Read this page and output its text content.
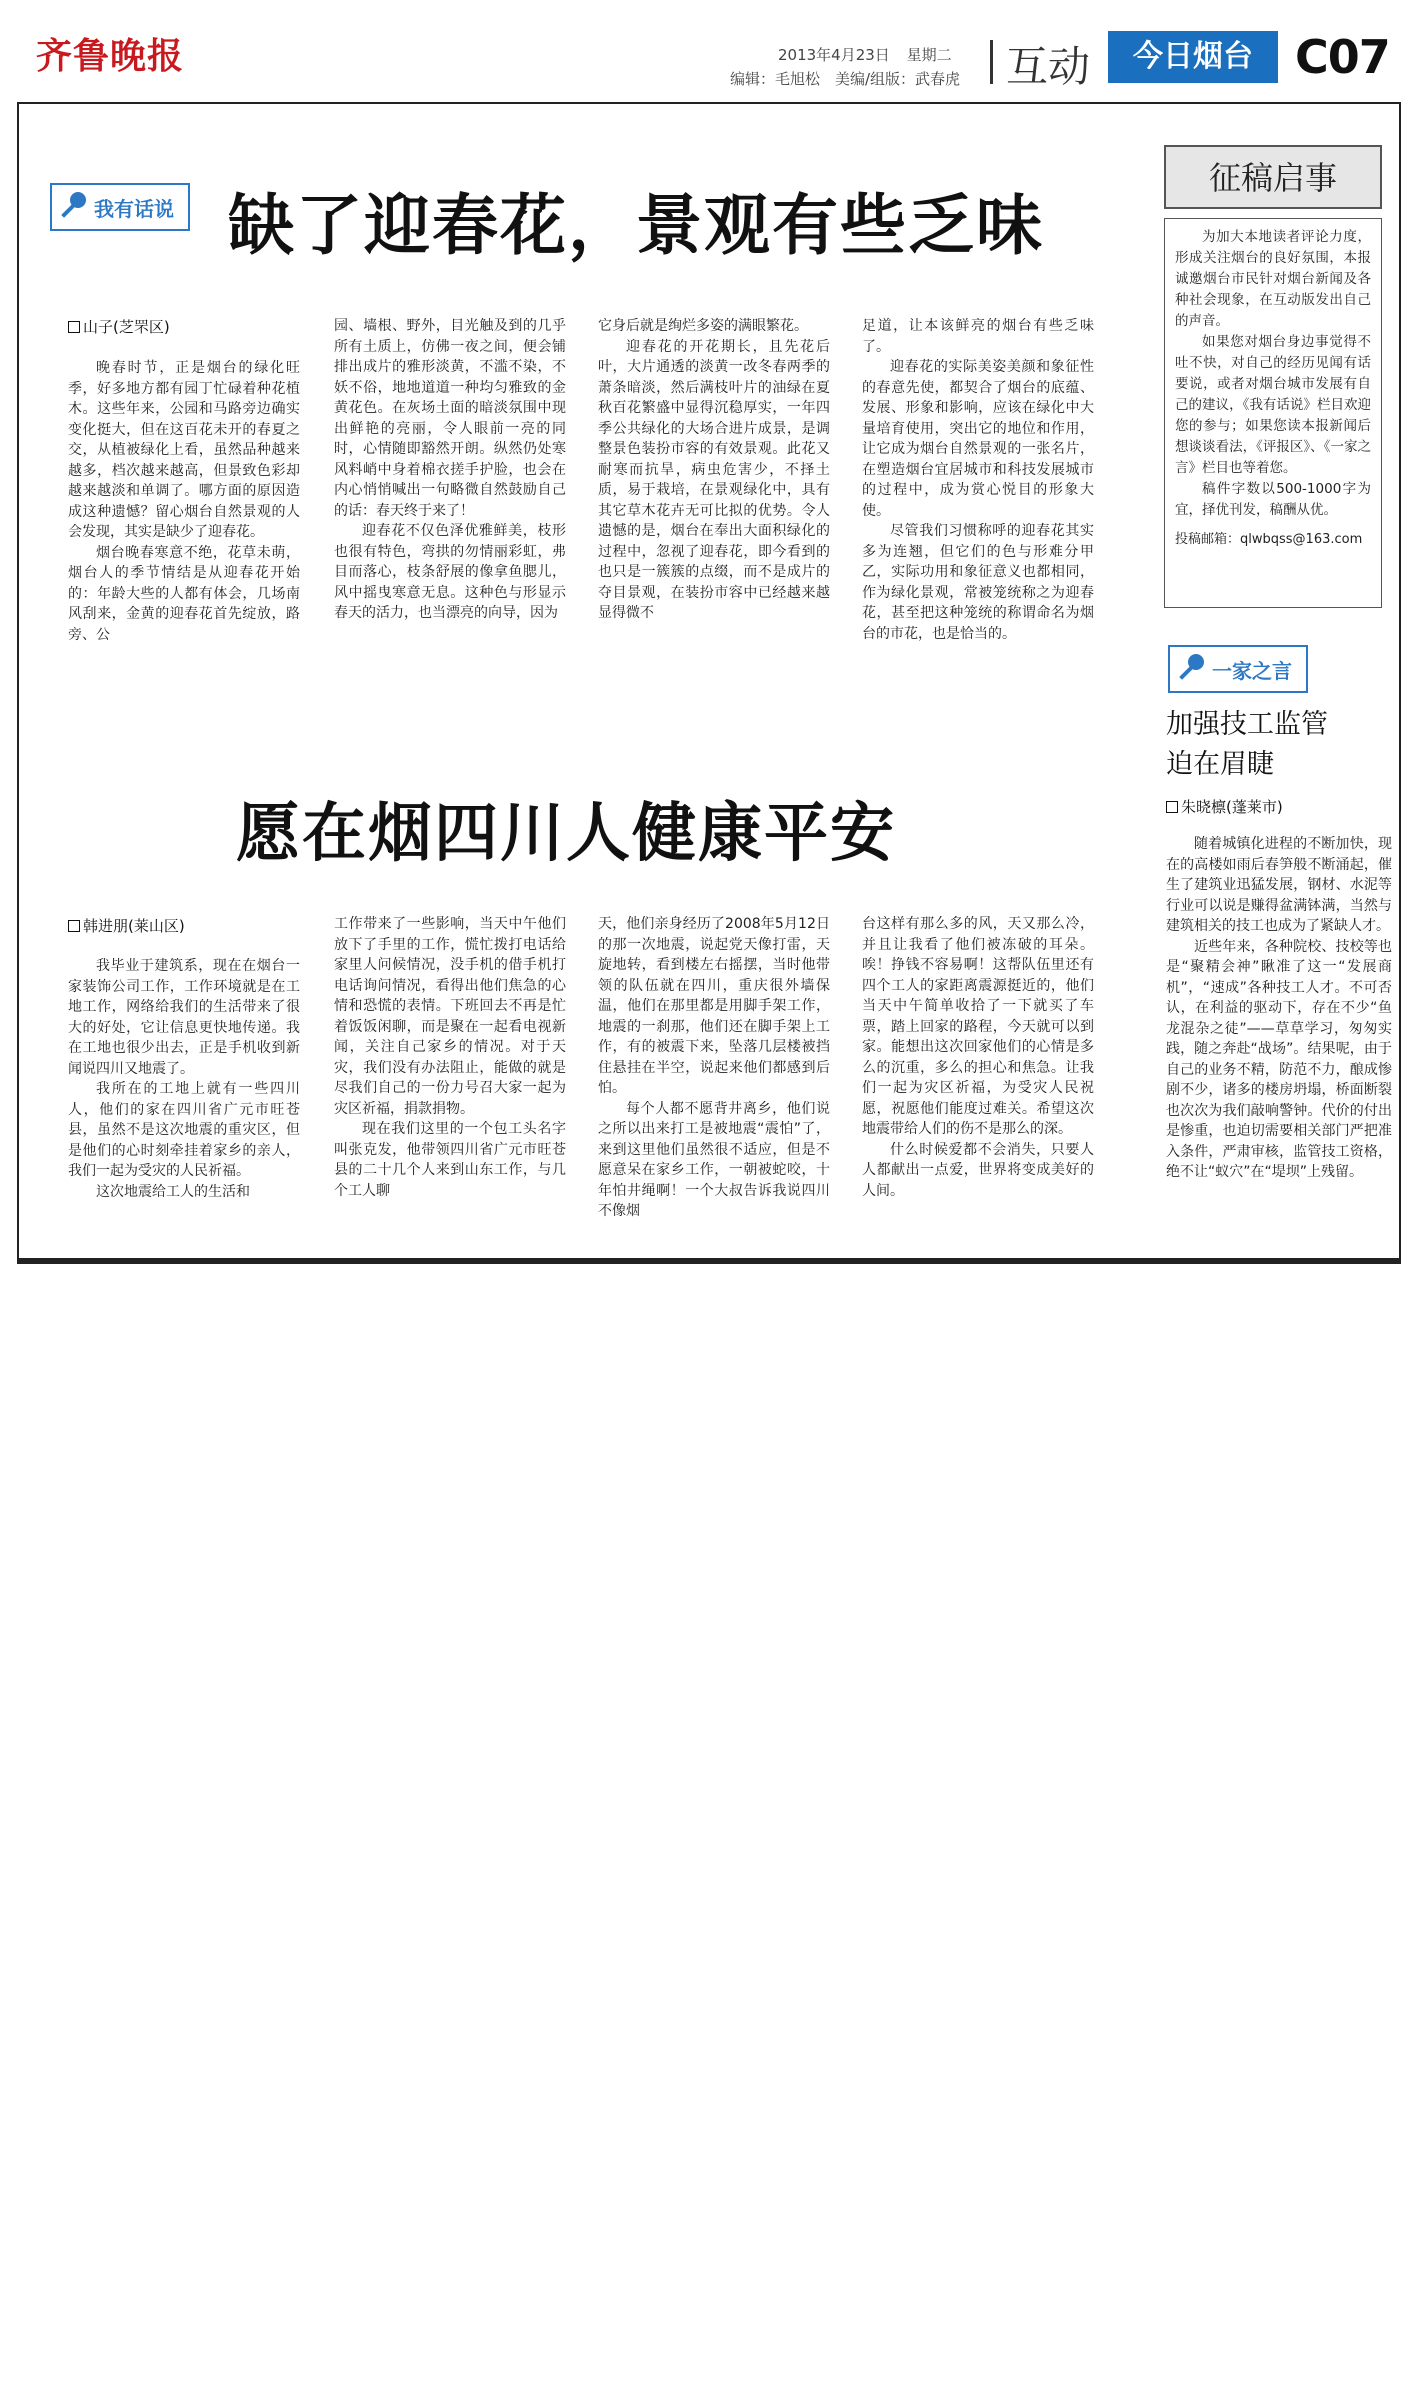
齐鲁晚报	2013年4月23日 星期二
编辑：毛旭松　美编/组版：武春虎 互动	今日烟台 C07
我有话说 缺了迎春花，景观有些乏味
山子(芝罘区)

晚春时节，正是烟台的绿化旺季，好多地方都有园丁忙碌着种花植木。这些年来，公园和马路旁边确实变化挺大，但在这百花未开的春夏之交，从植被绿化上看，虽然品种越来越多，档次越来越高，但景致色彩却越来越淡和单调了。哪方面的原因造成这种遗憾？留心烟台自然景观的人会发现，其实是缺少了迎春花。

烟台晚春寒意不绝，花草未萌，烟台人的季节情结是从迎春花开始的：年龄大些的人都有体会，几场南风刮来，金黄的迎春花首先绽放，路旁、公

园、墙根、野外，目光触及到的几乎所有土质上，仿佛一夜之间，便会铺排出成片的雅形淡黄，不滥不染，不妖不俗，地地道道一种均匀雅致的金黄花色。在灰场土面的暗淡氛围中现出鲜艳的亮丽，令人眼前一亮的同时，心情随即豁然开朗。纵然仍处寒风料峭中身着棉衣搓手护脸，也会在内心悄悄喊出一句略微自然鼓励自己的话：春天终于来了！

迎春花不仅色泽优雅鲜美，枝形也很有特色，弯拱的勿情丽彩虹，弗目而落心，枝条舒展的像拿鱼腮儿，风中摇曳寒意无息。这种色与形显示春天的活力，也当漂亮的向导，因为

它身后就是绚烂多姿的满眼繁花。

迎春花的开花期长，且先花后叶，大片通透的淡黄一改冬春两季的萧条暗淡，然后满枝叶片的油绿在夏秋百花繁盛中显得沉稳厚实，一年四季公共绿化的大场合进片成景，是调整景色装扮市容的有效景观。此花又耐寒而抗旱，病虫危害少，不择土质，易于栽培，在景观绿化中，具有其它草木花卉无可比拟的优势。令人遗憾的是，烟台在奉出大面积绿化的过程中，忽视了迎春花，即今看到的也只是一簇簇的点缀，而不是成片的夺目景观，在装扮市容中已经越来越显得微不

足道，让本该鲜亮的烟台有些乏味了。

迎春花的实际美姿美颜和象征性的春意先使，都契合了烟台的底蕴、发展、形象和影响，应该在绿化中大量培育使用，突出它的地位和作用，让它成为烟台自然景观的一张名片，在塑造烟台宜居城市和科技发展城市的过程中，成为赏心悦目的形象大使。

尽管我们习惯称呼的迎春花其实多为连翘，但它们的色与形难分甲乙，实际功用和象征意义也都相同，作为绿化景观，常被笼统称之为迎春花，甚至把这种笼统的称谓命名为烟台的市花，也是恰当的。

愿在烟四川人健康平安
韩进朋(莱山区)

我毕业于建筑系，现在在烟台一家装饰公司工作，工作环境就是在工地工作，网络给我们的生活带来了很大的好处，它让信息更快地传递。我在工地也很少出去，正是手机收到新闻说四川又地震了。

我所在的工地上就有一些四川人，他们的家在四川省广元市旺苍县，虽然不是这次地震的重灾区，但是他们的心时刻牵挂着家乡的亲人，我们一起为受灾的人民祈福。

这次地震给工人的生活和

工作带来了一些影响，当天中午他们放下了手里的工作，慌忙拨打电话给家里人问候情况，没手机的借手机打电话询问情况，看得出他们焦急的心情和恐慌的表情。下班回去不再是忙着饭饭闲聊，而是聚在一起看电视新闻，关注自己家乡的情况。对于天灾，我们没有办法阻止，能做的就是尽我们自己的一份力号召大家一起为灾区祈福，捐款捐物。

现在我们这里的一个包工头名字叫张克发，他带领四川省广元市旺苍县的二十几个人来到山东工作，与几个工人聊

天，他们亲身经历了2008年5月12日的那一次地震，说起党天像打雷，天旋地转，看到楼左右摇摆，当时他带领的队伍就在四川，重庆很外墙保温，他们在那里都是用脚手架工作，地震的一刹那，他们还在脚手架上工作，有的被震下来，坠落几层楼被挡住悬挂在半空，说起来他们都感到后怕。

每个人都不愿背井离乡，他们说之所以出来打工是被地震“震怕”了，来到这里他们虽然很不适应，但是不愿意呆在家乡工作，一朝被蛇咬，十年怕井绳啊！一个大叔告诉我说四川不像烟

台这样有那么多的风，天又那么冷，并且让我看了他们被冻破的耳朵。唉！挣钱不容易啊！这帮队伍里还有四个工人的家距离震源挺近的，他们当天中午简单收拾了一下就买了车票，踏上回家的路程，今天就可以到家。能想出这次回家他们的心情是多么的沉重，多么的担心和焦急。让我们一起为灾区祈福，为受灾人民祝愿，祝愿他们能度过难关。希望这次地震带给人们的伤不是那么的深。

什么时候爱都不会消失，只要人人都献出一点爱，世界将变成美好的人间。

征稿启事

为加大本地读者评论力度，形成关注烟台的良好氛围，本报诚邀烟台市民针对烟台新闻及各种社会现象，在互动版发出自己的声音。

如果您对烟台身边事觉得不吐不快，对自己的经历见闻有话要说，或者对烟台城市发展有自己的建议，《我有话说》栏目欢迎您的参与；如果您读本报新闻后想谈谈看法，《评报区》、《一家之言》栏目也等着您。

稿件字数以500-1000字为宜，择优刊发，稿酬从优。

投稿邮箱：qlwbqss@163.com

一家之言
加强技工监管
迫在眉睫
朱晓檩(蓬莱市)

随着城镇化进程的不断加快，现在的高楼如雨后春笋般不断涌起，催生了建筑业迅猛发展，钢材、水泥等行业可以说是赚得盆满钵满，当然与建筑相关的技工也成为了紧缺人才。

近些年来，各种院校、技校等也是“聚精会神”瞅准了这一“发展商机”，“速成”各种技工人才。不可否认，在利益的驱动下，存在不少“鱼龙混杂之徒”——草草学习，匆匆实践，随之奔赴“战场”。结果呢，由于自己的业务不精，防范不力，酿成惨剧不少，诸多的楼房坍塌，桥面断裂也次次为我们敲响警钟。代价的付出是惨重，也迫切需要相关部门严把准入条件，严肃审核，监管技工资格，绝不让“蚁穴”在“堤坝”上残留。
